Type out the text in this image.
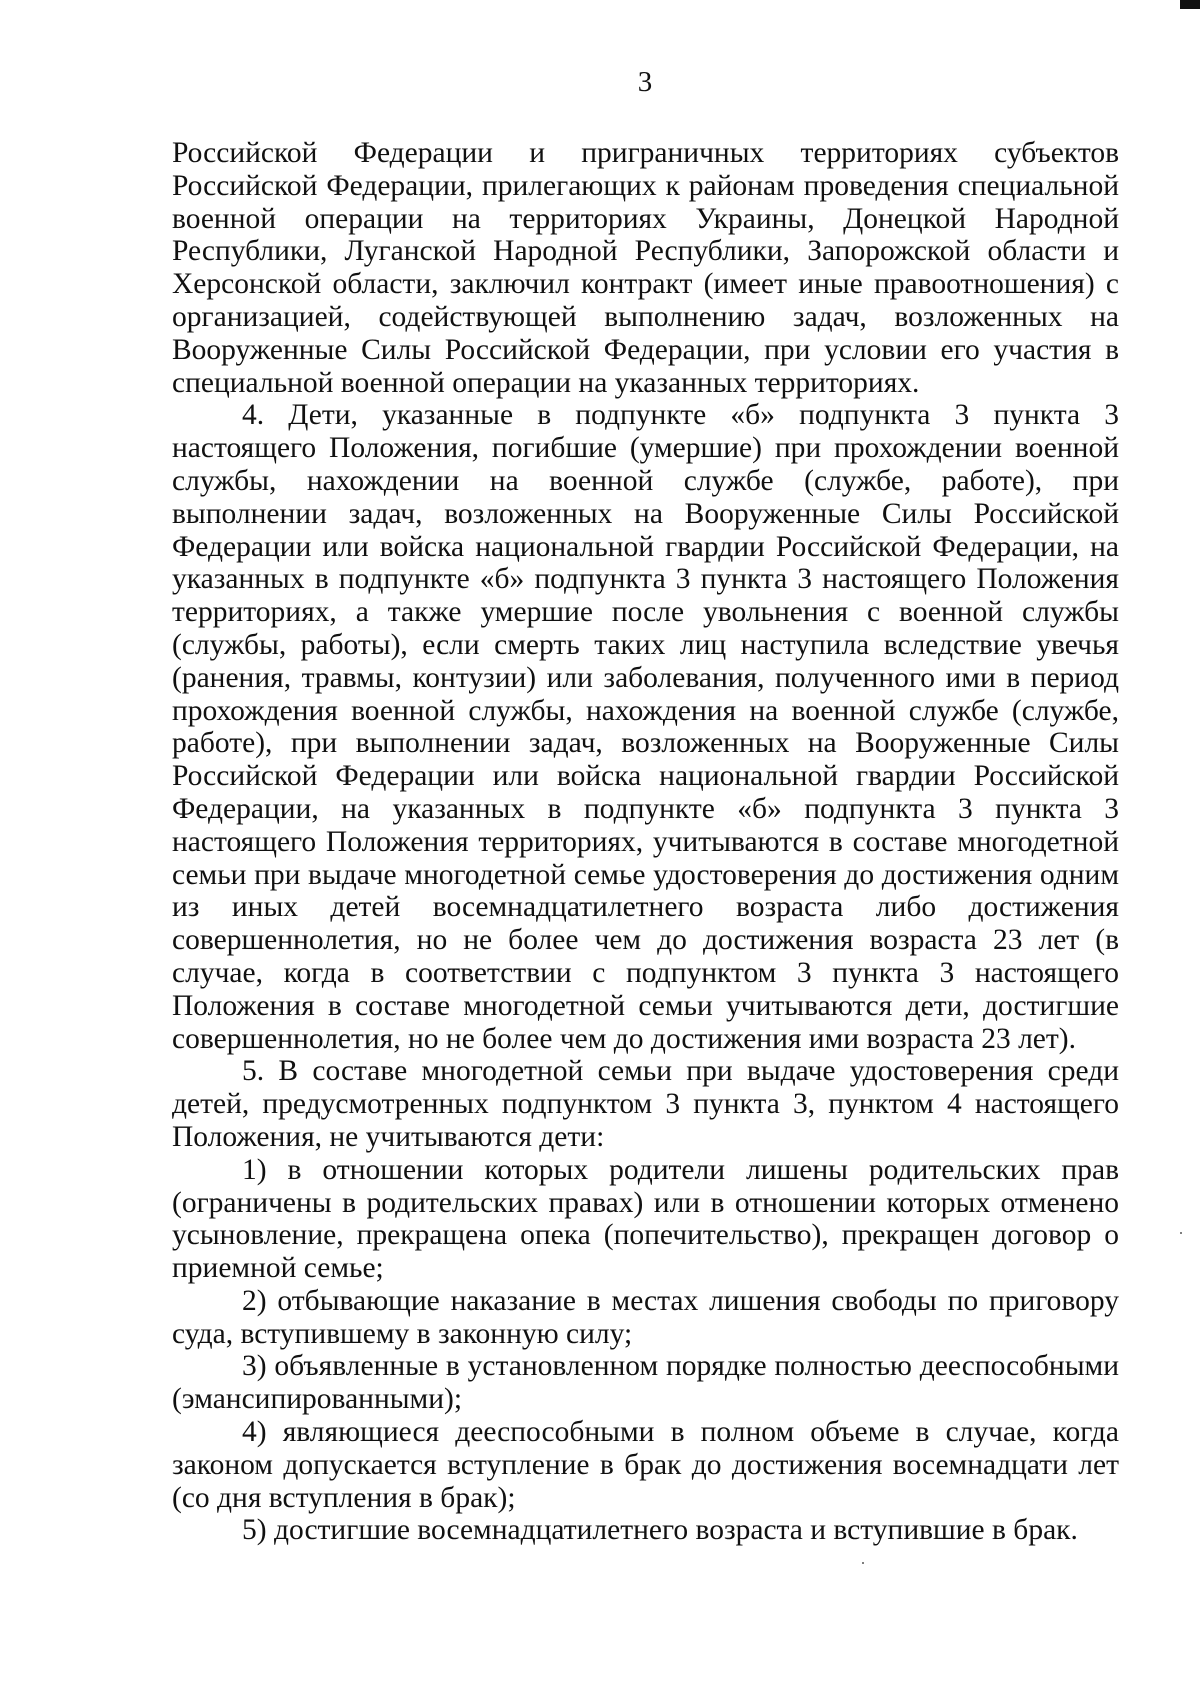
3

Российской Федерации и приграничных территориях субъектов Российской Федерации, прилегающих к районам проведения специальной военной операции на территориях Украины, Донецкой Народной Республики, Луганской Народной Республики, Запорожской области и Херсонской области, заключил контракт (имеет иные правоотношения) с организацией, содействующей выполнению задач, возложенных на Вооруженные Силы Российской Федерации, при условии его участия в специальной военной операции на указанных территориях.

4. Дети, указанные в подпункте «б» подпункта 3 пункта 3 настоящего Положения, погибшие (умершие) при прохождении военной службы, нахождении на военной службе (службе, работе), при выполнении задач, возложенных на Вооруженные Силы Российской Федерации или войска национальной гвардии Российской Федерации, на указанных в подпункте «б» подпункта 3 пункта 3 настоящего Положения территориях, а также умершие после увольнения с военной службы (службы, работы), если смерть таких лиц наступила вследствие увечья (ранения, травмы, контузии) или заболевания, полученного ими в период прохождения военной службы, нахождения на военной службе (службе, работе), при выполнении задач, возложенных на Вооруженные Силы Российской Федерации или войска национальной гвардии Российской Федерации, на указанных в подпункте «б» подпункта 3 пункта 3 настоящего Положения территориях, учитываются в составе многодетной семьи при выдаче многодетной семье удостоверения до достижения одним из иных детей восемнадцатилетнего возраста либо достижения совершеннолетия, но не более чем до достижения возраста 23 лет (в случае, когда в соответствии с подпунктом 3 пункта 3 настоящего Положения в составе многодетной семьи учитываются дети, достигшие совершеннолетия, но не более чем до достижения ими возраста 23 лет).

5. В составе многодетной семьи при выдаче удостоверения среди детей, предусмотренных подпунктом 3 пункта 3, пунктом 4 настоящего Положения, не учитываются дети:

1) в отношении которых родители лишены родительских прав (ограничены в родительских правах) или в отношении которых отменено усыновление, прекращена опека (попечительство), прекращен договор о приемной семье;

2) отбывающие наказание в местах лишения свободы по приговору суда, вступившему в законную силу;

3) объявленные в установленном порядке полностью дееспособными (эмансипированными);

4) являющиеся дееспособными в полном объеме в случае, когда законом допускается вступление в брак до достижения восемнадцати лет (со дня вступления в брак);

5) достигшие восемнадцатилетнего возраста и вступившие в брак.
